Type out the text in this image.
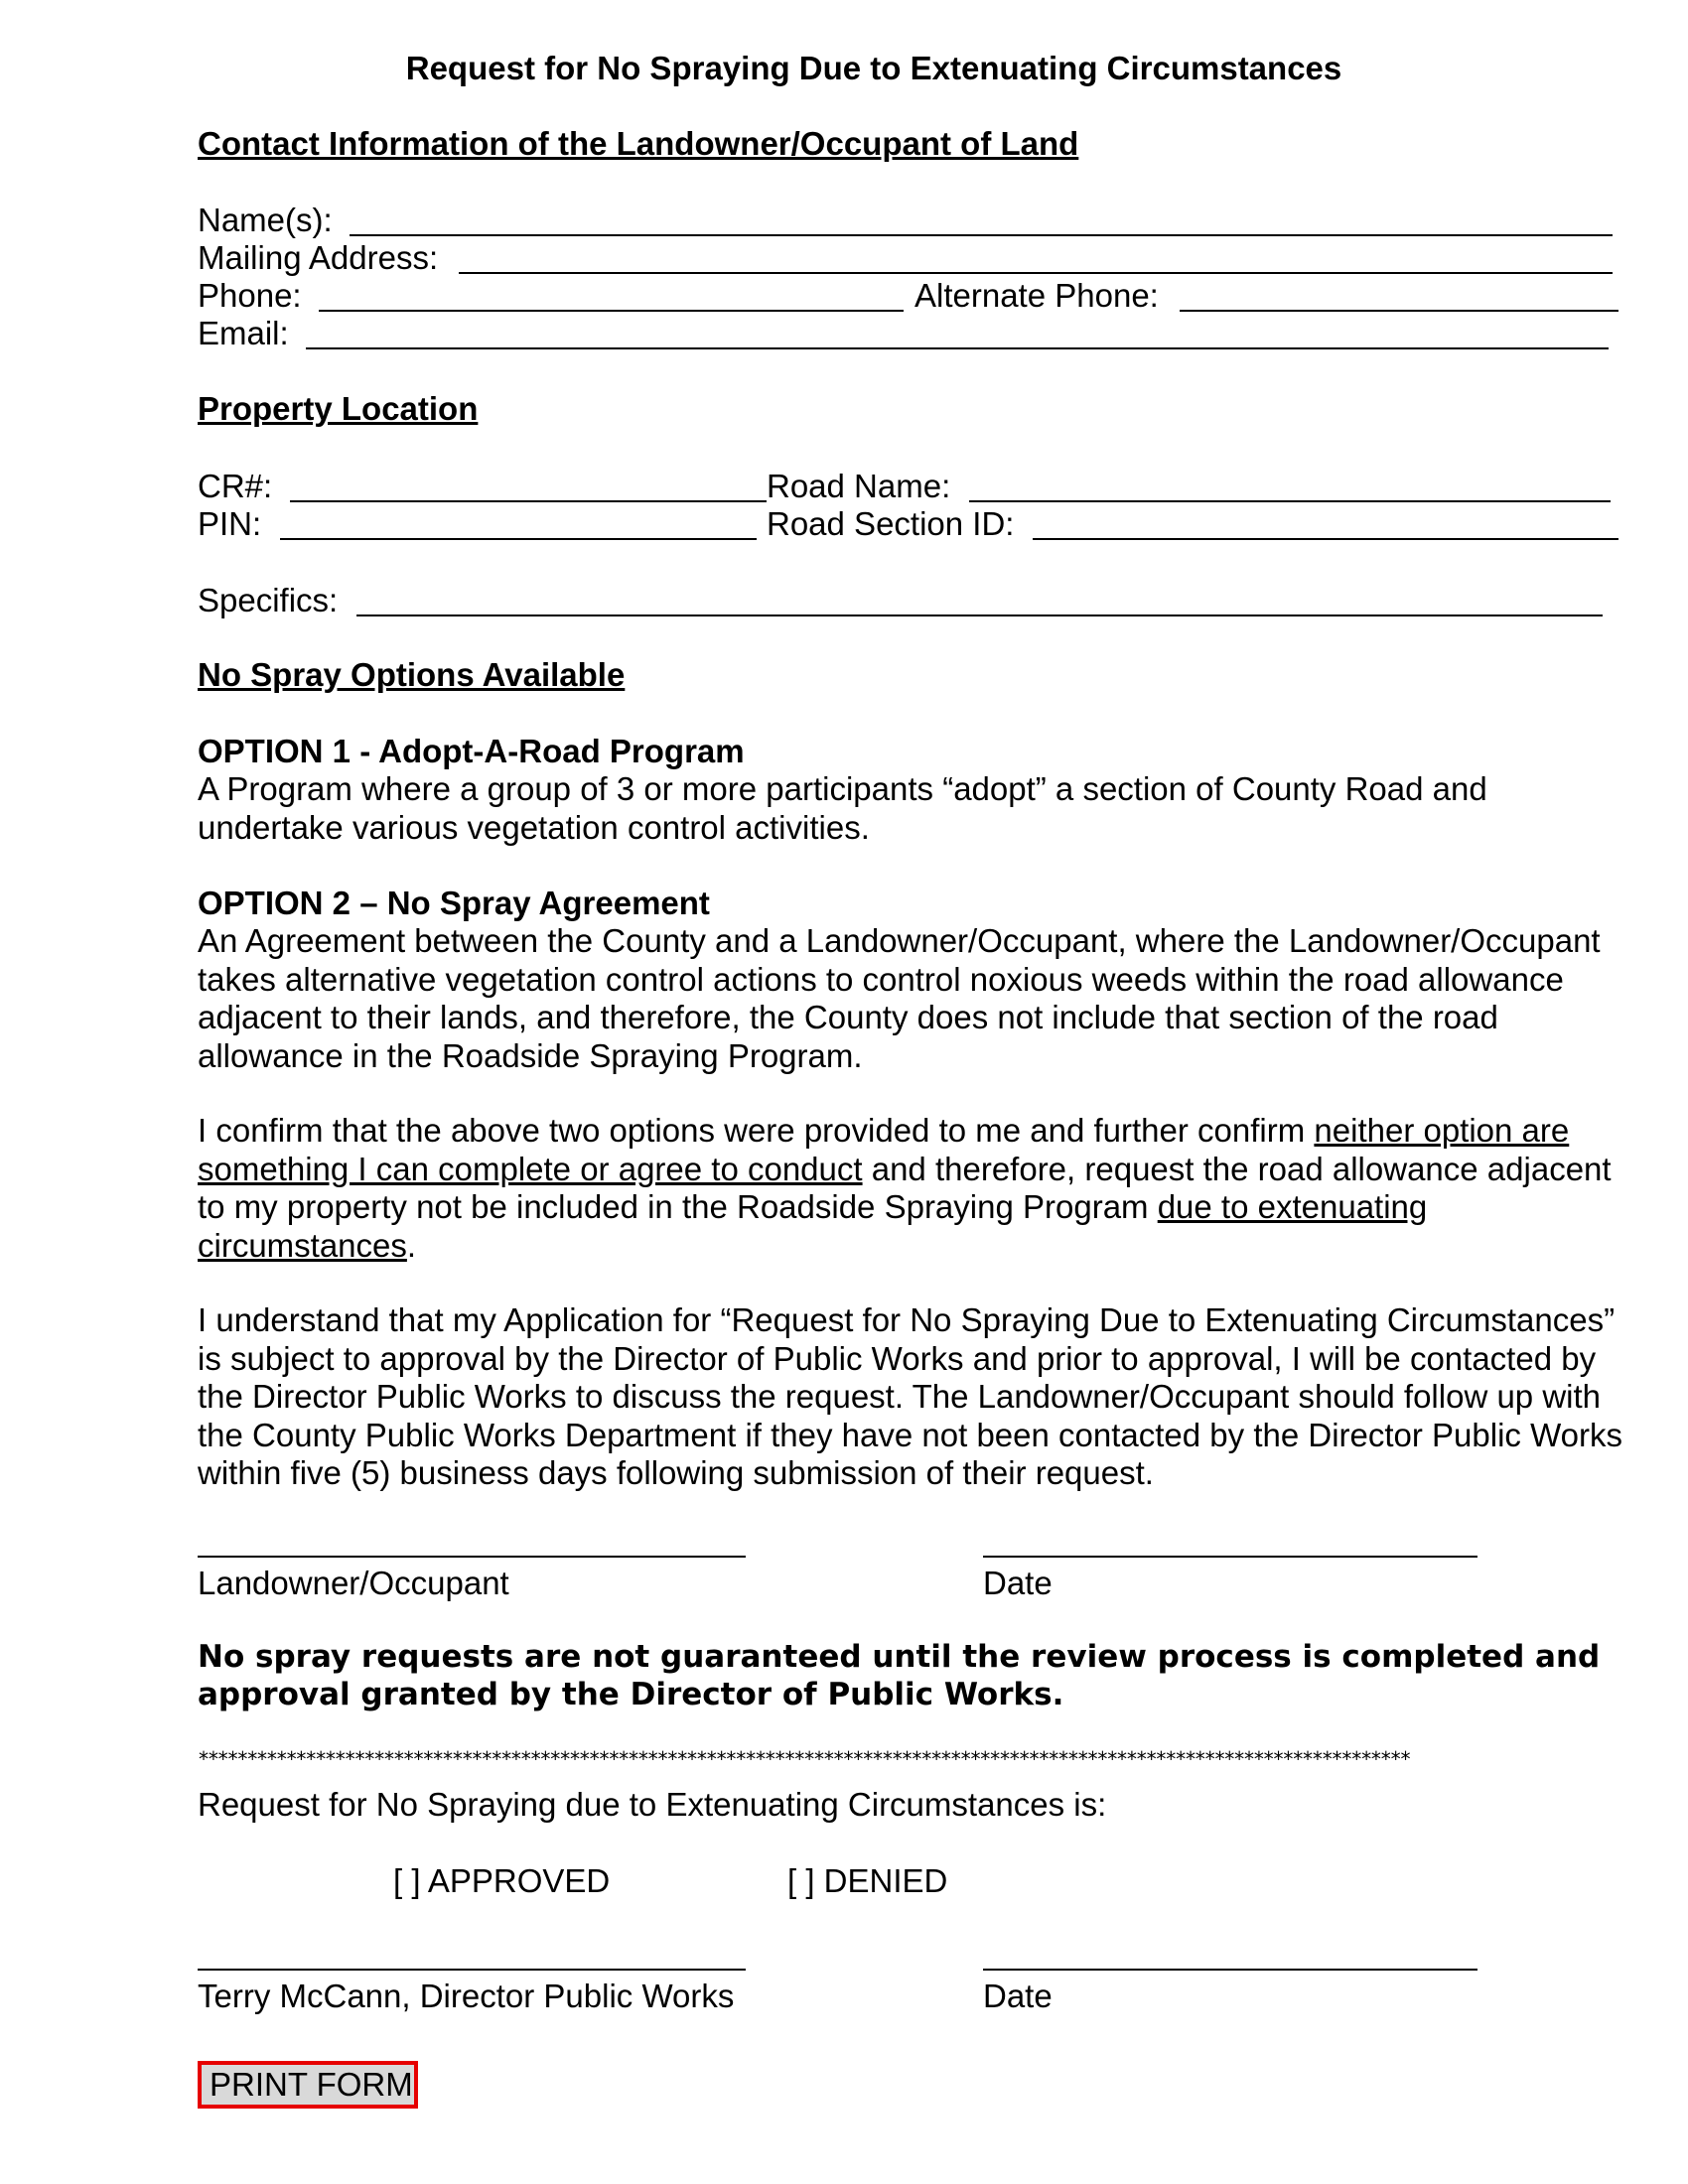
Request for No Spraying Due to Extenuating Circumstances
Contact Information of the Landowner/Occupant of Land
Name(s):
Mailing Address:
Phone:	Alternate Phone:
Email:
Property Location
CR#:	Road Name:
PIN:	Road Section ID:
Specifics:
No Spray Options Available
OPTION 1 - Adopt-A-Road Program
A Program where a group of 3 or more participants “adopt” a section of County Road and undertake various vegetation control activities.
OPTION 2 – No Spray Agreement
An Agreement between the County and a Landowner/Occupant, where the Landowner/Occupant takes alternative vegetation control actions to control noxious weeds within the road allowance adjacent to their lands, and therefore, the County does not include that section of the road allowance in the Roadside Spraying Program.
I confirm that the above two options were provided to me and further confirm neither option are something I can complete or agree to conduct and therefore, request the road allowance adjacent to my property not be included in the Roadside Spraying Program due to extenuating circumstances.
I understand that my Application for “Request for No Spraying Due to Extenuating Circumstances” is subject to approval by the Director of Public Works and prior to approval, I will be contacted by the Director Public Works to discuss the request. The Landowner/Occupant should follow up with the County Public Works Department if they have not been contacted by the Director Public Works within five (5) business days following submission of their request.
Landowner/Occupant	Date
No spray requests are not guaranteed until the review process is completed and approval granted by the Director of Public Works.
****************************************************************************************************************************
Request for No Spraying due to Extenuating Circumstances is:
[ ] APPROVED	[ ] DENIED
Terry McCann, Director Public Works	Date
PRINT FORM
